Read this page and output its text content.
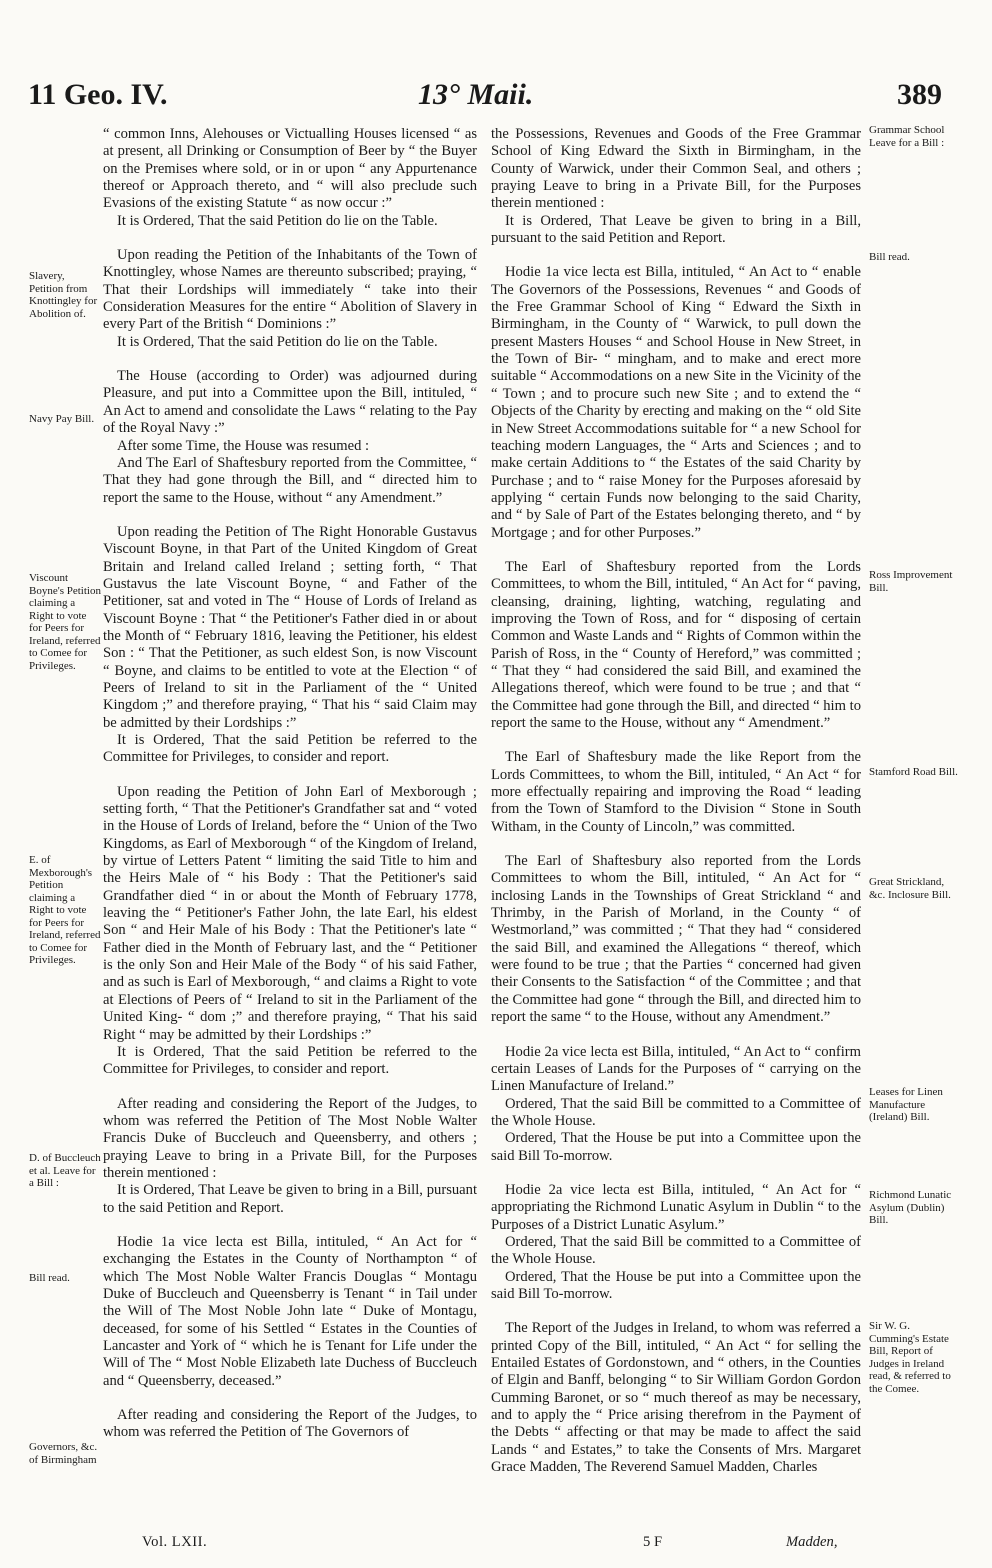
11 Geo. IV.	13° Maii.	389

“ common Inns, Alehouses or Victualling Houses licensed “ as at present, all Drinking or Consumption of Beer by “ the Buyer on the Premises where sold, or in or upon “ any Appurtenance thereof or Approach thereto, and “ will also preclude such Evasions of the existing Statute “ as now occur :”

It is Ordered, That the said Petition do lie on the Table.

Upon reading the Petition of the Inhabitants of the Town of Knottingley, whose Names are thereunto subscribed; praying, “ That their Lordships will immediately “ take into their Consideration Measures for the entire “ Abolition of Slavery in every Part of the British “ Dominions :”

It is Ordered, That the said Petition do lie on the Table.

The House (according to Order) was adjourned during Pleasure, and put into a Committee upon the Bill, intituled, “ An Act to amend and consolidate the Laws “ relating to the Pay of the Royal Navy :”

After some Time, the House was resumed :

And The Earl of Shaftesbury reported from the Committee, “ That they had gone through the Bill, and “ directed him to report the same to the House, without “ any Amendment.”

Upon reading the Petition of The Right Honorable Gustavus Viscount Boyne, in that Part of the United Kingdom of Great Britain and Ireland called Ireland ; setting forth, “ That Gustavus the late Viscount Boyne, “ and Father of the Petitioner, sat and voted in The “ House of Lords of Ireland as Viscount Boyne : That “ the Petitioner's Father died in or about the Month of “ February 1816, leaving the Petitioner, his eldest Son : “ That the Petitioner, as such eldest Son, is now Viscount “ Boyne, and claims to be entitled to vote at the Election “ of Peers of Ireland to sit in the Parliament of the “ United Kingdom ;” and therefore praying, “ That his “ said Claim may be admitted by their Lordships :”

It is Ordered, That the said Petition be referred to the Committee for Privileges, to consider and report.

Upon reading the Petition of John Earl of Mexborough ; setting forth, “ That the Petitioner's Grandfather sat and “ voted in the House of Lords of Ireland, before the “ Union of the Two Kingdoms, as Earl of Mexborough “ of the Kingdom of Ireland, by virtue of Letters Patent “ limiting the said Title to him and the Heirs Male of “ his Body : That the Petitioner's said Grandfather died “ in or about the Month of February 1778, leaving the “ Petitioner's Father John, the late Earl, his eldest Son “ and Heir Male of his Body : That the Petitioner's late “ Father died in the Month of February last, and the “ Petitioner is the only Son and Heir Male of the Body “ of his said Father, and as such is Earl of Mexborough, “ and claims a Right to vote at Elections of Peers of “ Ireland to sit in the Parliament of the United King- “ dom ;” and therefore praying, “ That his said Right “ may be admitted by their Lordships :”

It is Ordered, That the said Petition be referred to the Committee for Privileges, to consider and report.

After reading and considering the Report of the Judges, to whom was referred the Petition of The Most Noble Walter Francis Duke of Buccleuch and Queensberry, and others ; praying Leave to bring in a Private Bill, for the Purposes therein mentioned :

It is Ordered, That Leave be given to bring in a Bill, pursuant to the said Petition and Report.

Hodie 1a vice lecta est Billa, intituled, “ An Act for “ exchanging the Estates in the County of Northampton “ of which The Most Noble Walter Francis Douglas “ Montagu Duke of Buccleuch and Queensberry is Tenant “ in Tail under the Will of The Most Noble John late “ Duke of Montagu, deceased, for some of his Settled “ Estates in the Counties of Lancaster and York of “ which he is Tenant for Life under the Will of The “ Most Noble Elizabeth late Duchess of Buccleuch and “ Queensberry, deceased.”

After reading and considering the Report of the Judges, to whom was referred the Petition of The Governors of

the Possessions, Revenues and Goods of the Free Grammar School of King Edward the Sixth in Birmingham, in the County of Warwick, under their Common Seal, and others ; praying Leave to bring in a Private Bill, for the Purposes therein mentioned :

It is Ordered, That Leave be given to bring in a Bill, pursuant to the said Petition and Report.

Hodie 1a vice lecta est Billa, intituled, “ An Act to “ enable The Governors of the Possessions, Revenues “ and Goods of the Free Grammar School of King “ Edward the Sixth in Birmingham, in the County of “ Warwick, to pull down the present Masters Houses “ and School House in New Street, in the Town of Bir- “ mingham, and to make and erect more suitable “ Accommodations on a new Site in the Vicinity of the “ Town ; and to procure such new Site ; and to extend the “ Objects of the Charity by erecting and making on the “ old Site in New Street Accommodations suitable for “ a new School for teaching modern Languages, the “ Arts and Sciences ; and to make certain Additions to “ the Estates of the said Charity by Purchase ; and to “ raise Money for the Purposes aforesaid by applying “ certain Funds now belonging to the said Charity, and “ by Sale of Part of the Estates belonging thereto, and “ by Mortgage ; and for other Purposes.”

The Earl of Shaftesbury reported from the Lords Committees, to whom the Bill, intituled, “ An Act for “ paving, cleansing, draining, lighting, watching, regulating and improving the Town of Ross, and for “ disposing of certain Common and Waste Lands and “ Rights of Common within the Parish of Ross, in the “ County of Hereford,” was committed ; “ That they “ had considered the said Bill, and examined the Allegations thereof, which were found to be true ; and that “ the Committee had gone through the Bill, and directed “ him to report the same to the House, without any “ Amendment.”

The Earl of Shaftesbury made the like Report from the Lords Committees, to whom the Bill, intituled, “ An Act “ for more effectually repairing and improving the Road “ leading from the Town of Stamford to the Division “ Stone in South Witham, in the County of Lincoln,” was committed.

The Earl of Shaftesbury also reported from the Lords Committees to whom the Bill, intituled, “ An Act for “ inclosing Lands in the Townships of Great Strickland “ and Thrimby, in the Parish of Morland, in the County “ of Westmorland,” was committed ; “ That they had “ considered the said Bill, and examined the Allegations “ thereof, which were found to be true ; that the Parties “ concerned had given their Consents to the Satisfaction “ of the Committee ; and that the Committee had gone “ through the Bill, and directed him to report the same “ to the House, without any Amendment.”

Hodie 2a vice lecta est Billa, intituled, “ An Act to “ confirm certain Leases of Lands for the Purposes of “ carrying on the Linen Manufacture of Ireland.”

Ordered, That the said Bill be committed to a Committee of the Whole House.

Ordered, That the House be put into a Committee upon the said Bill To-morrow.

Hodie 2a vice lecta est Billa, intituled, “ An Act for “ appropriating the Richmond Lunatic Asylum in Dublin “ to the Purposes of a District Lunatic Asylum.”

Ordered, That the said Bill be committed to a Committee of the Whole House.

Ordered, That the House be put into a Committee upon the said Bill To-morrow.

The Report of the Judges in Ireland, to whom was referred a printed Copy of the Bill, intituled, “ An Act “ for selling the Entailed Estates of Gordonstown, and “ others, in the Counties of Elgin and Banff, belonging “ to Sir William Gordon Gordon Cumming Baronet, or so “ much thereof as may be necessary, and to apply the “ Price arising therefrom in the Payment of the Debts “ affecting or that may be made to affect the said Lands “ and Estates,” to take the Consents of Mrs. Margaret Grace Madden, The Reverend Samuel Madden, Charles

Slavery, Petition from Knottingley for Abolition of.
Navy Pay Bill.
Viscount Boyne's Petition claiming a Right to vote for Peers for Ireland, referred to Comee for Privileges.
E. of Mexborough's Petition claiming a Right to vote for Peers for Ireland, referred to Comee for Privileges.
D. of Buccleuch et al. Leave for a Bill :
Bill read.
Governors, &c. of Birmingham
Grammar School Leave for a Bill :
Bill read.
Ross Improvement Bill.
Stamford Road Bill.
Great Strickland, &c. Inclosure Bill.
Leases for Linen Manufacture (Ireland) Bill.
Richmond Lunatic Asylum (Dublin) Bill.
Sir W. G. Cumming's Estate Bill, Report of Judges in Ireland read, & referred to the Comee.
Vol. LXII.	5 F	Madden,
